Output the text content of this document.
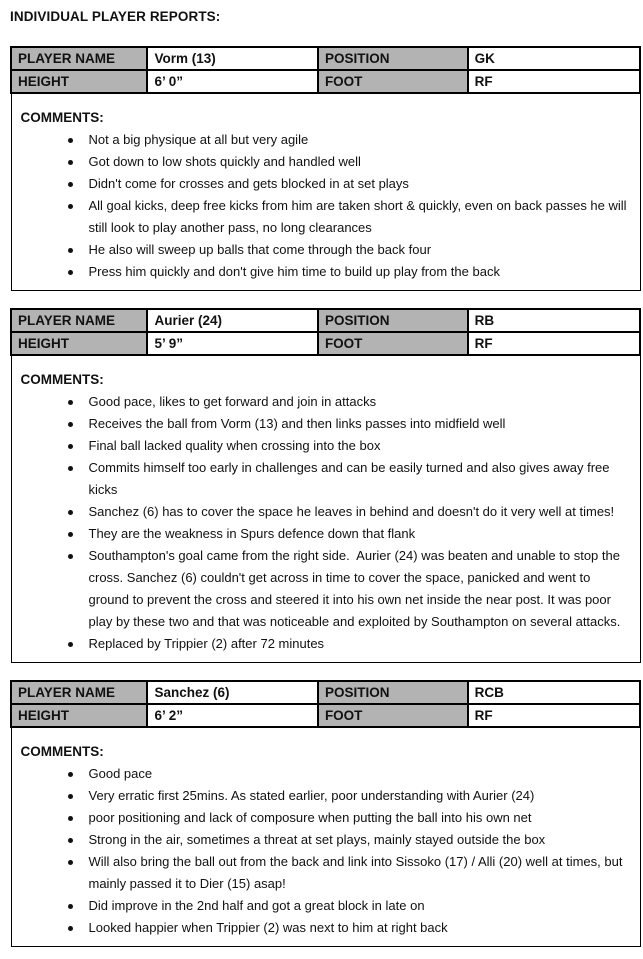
INDIVIDUAL PLAYER REPORTS:
PLAYER NAME	Vorm (13)	POSITION	GK
HEIGHT	6’ 0”	FOOT	RF

COMMENTS:
Not a big physique at all but very agile
Got down to low shots quickly and handled well
Didn't come for crosses and gets blocked in at set plays
All goal kicks, deep free kicks from him are taken short & quickly, even on back passes he will still look to play another pass, no long clearances
He also will sweep up balls that come through the back four
Press him quickly and don't give him time to build up play from the back
PLAYER NAME	Aurier (24)	POSITION	RB
HEIGHT	5’ 9”	FOOT	RF

COMMENTS:
Good pace, likes to get forward and join in attacks
Receives the ball from Vorm (13) and then links passes into midfield well
Final ball lacked quality when crossing into the box
Commits himself too early in challenges and can be easily turned and also gives away free kicks
Sanchez (6) has to cover the space he leaves in behind and doesn't do it very well at times!
They are the weakness in Spurs defence down that flank
Southampton's goal came from the right side.  Aurier (24) was beaten and unable to stop the cross. Sanchez (6) couldn't get across in time to cover the space, panicked and went to ground to prevent the cross and steered it into his own net inside the near post. It was poor play by these two and that was noticeable and exploited by Southampton on several attacks.
Replaced by Trippier (2) after 72 minutes
PLAYER NAME	Sanchez (6)	POSITION	RCB
HEIGHT	6’ 2”	FOOT	RF

COMMENTS:
Good pace
Very erratic first 25mins. As stated earlier, poor understanding with Aurier (24)
poor positioning and lack of composure when putting the ball into his own net
Strong in the air, sometimes a threat at set plays, mainly stayed outside the box
Will also bring the ball out from the back and link into Sissoko (17) / Alli (20) well at times, but mainly passed it to Dier (15) asap!
Did improve in the 2nd half and got a great block in late on
Looked happier when Trippier (2) was next to him at right back
